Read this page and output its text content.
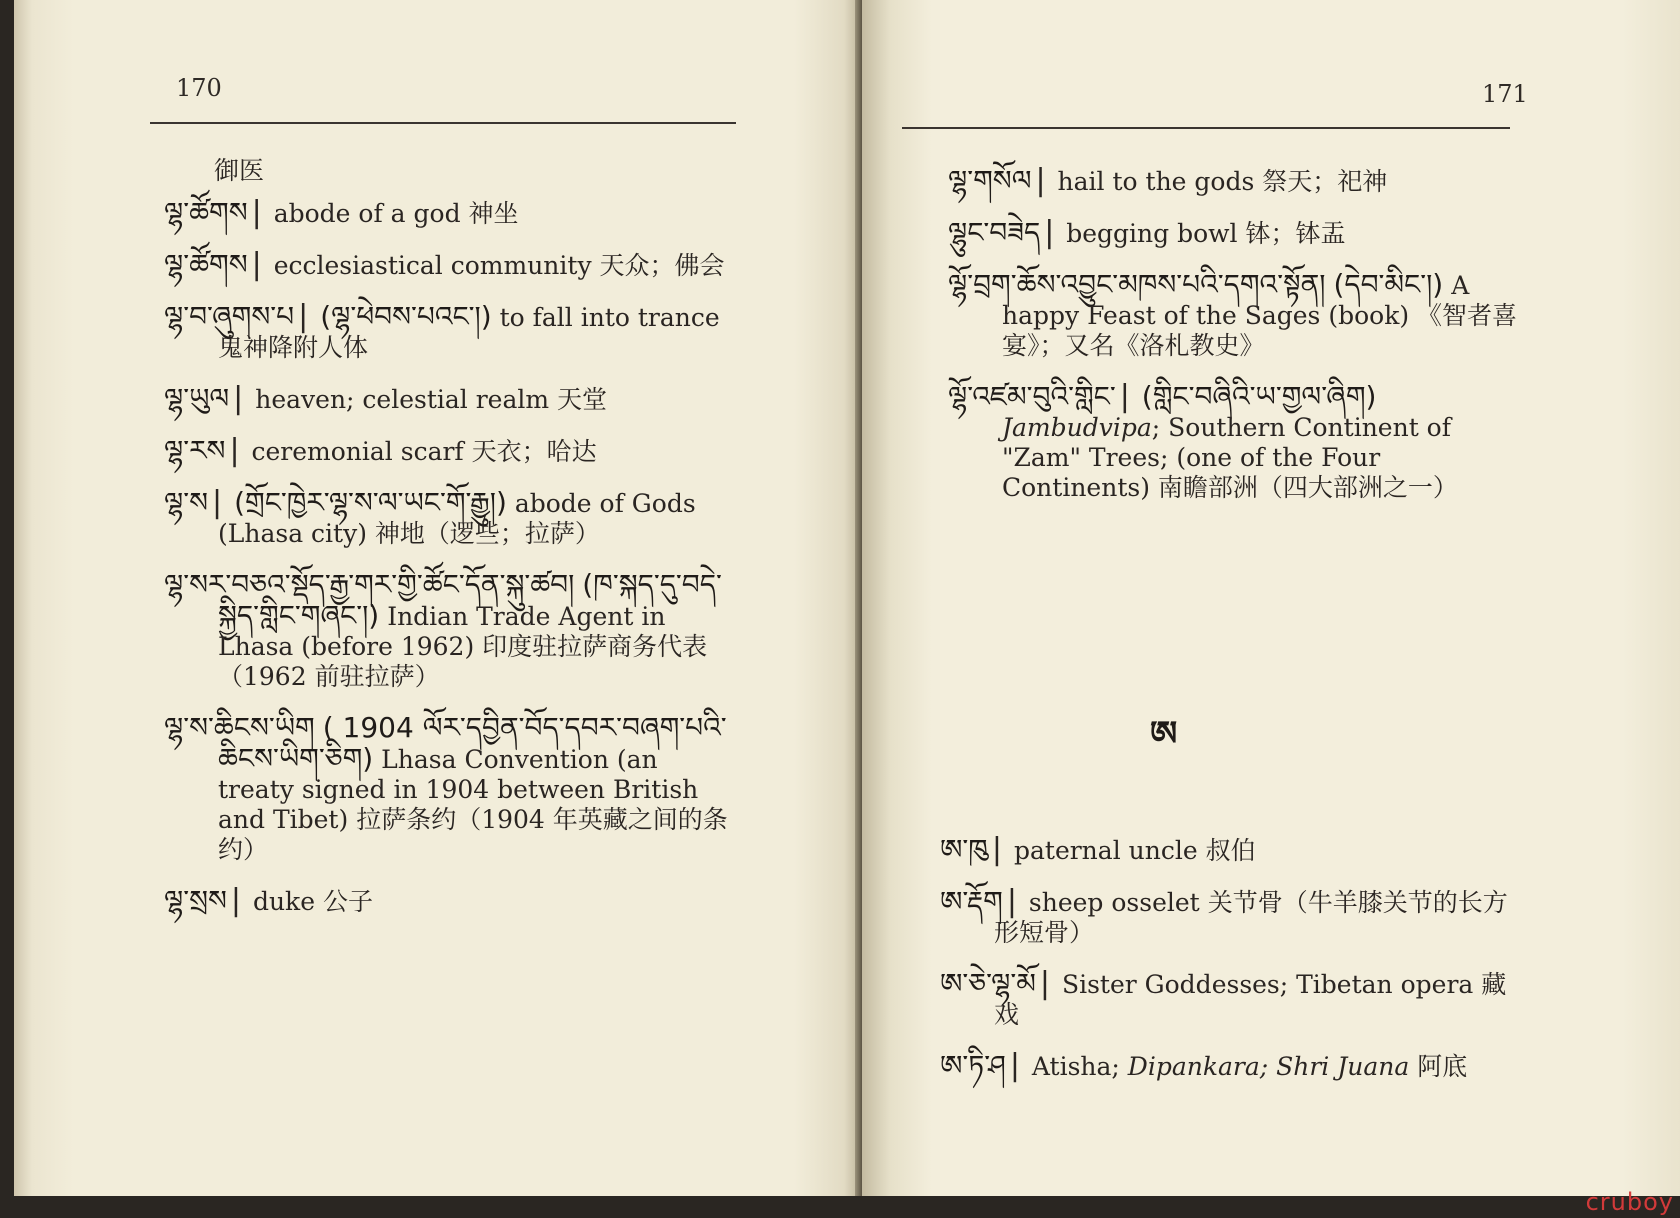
170

御医

ལྷ་ཚོགས | abode of a god 神坐

ལྷ་ཚོགས | ecclesiastical community 天众；佛会

ལྷ་བ་ཞུགས་པ | (ལྷ་ཕེབས་པའང་།) to fall into trance 鬼神降附人体

ལྷ་ཡུལ | heaven; celestial realm 天堂

ལྷ་རས | ceremonial scarf 天衣；哈达

ལྷ་ས | (གྲོང་ཁྱེར་ལྷ་ས་ལ་ཡང་གོ་རྒྱུ།) abode of Gods (Lhasa city) 神地（逻些；拉萨）

ལྷ་སར་བཅའ་སྡོད་རྒྱ་གར་གྱི་ཚོང་དོན་སྐུ་ཚབ། (ཁ་སྐད་དུ་བདེ་སྐྱིད་གླིང་གཞང་།) Indian Trade Agent in Lhasa (before 1962) 印度驻拉萨商务代表（1962 前驻拉萨）

ལྷ་ས་ཆིངས་ཡིག ( 1904 ལོར་དབྱིན་བོད་དབར་བཞག་པའི་ཆིངས་ཡིག་ཅིག) Lhasa Convention (an treaty signed in 1904 between British and Tibet) 拉萨条约（1904 年英藏之间的条约）

ལྷ་སྲས | duke 公子

171

ལྷ་གསོལ | hail to the gods 祭天；祀神

ལྷུང་བཟེད | begging bowl 钵；钵盂

ལྷོ་བྲག་ཆོས་འབྱུང་མཁས་པའི་དགའ་སྟོན། (དེབ་མིང་།) A happy Feast of the Sages (book) 《智者喜宴》；又名《洛札教史》

ལྷོ་འཛམ་བུའི་གླིང་ | (གླིང་བཞིའི་ཡ་གྱལ་ཞིག) Jambudvipa; Southern Continent of "Zam" Trees; (one of the Four Continents) 南瞻部洲（四大部洲之一）

ཨ

ཨ་ཁུ | paternal uncle 叔伯

ཨ་རྡོག | sheep osselet 关节骨（牛羊膝关节的长方形短骨）

ཨ་ཅེ་ལྷ་མོ | Sister Goddesses; Tibetan opera 藏戏

ཨ་ཏི་ཤ | Atisha; Dipankara; Shri Juana 阿底

cruboy
